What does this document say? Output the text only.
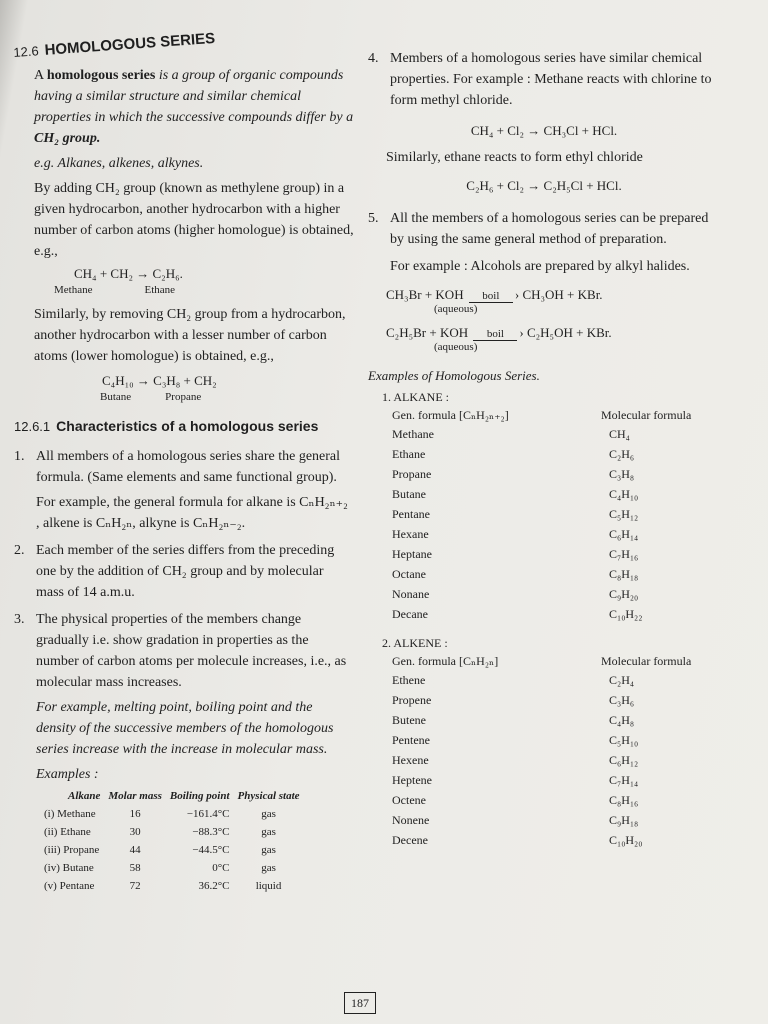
12.6 HOMOLOGOUS SERIES

A homologous series is a group of organic compounds having a similar structure and similar chemical properties in which the successive compounds differ by a CH₂ group.

e.g. Alkanes, alkenes, alkynes.

By adding CH₂ group (known as methylene group) in a given hydrocarbon, another hydrocarbon with a higher number of carbon atoms (higher homologue) is obtained, e.g.,

CH₄ + CH₂ → C₂H₆.
Methane	Ethane

Similarly, by removing CH₂ group from a hydrocarbon, another hydrocarbon with a lesser number of carbon atoms (lower homologue) is obtained, e.g.,

C₄H₁₀ → C₃H₈ + CH₂
Butane	Propane
12.6.1 Characteristics of a homologous series
1. All members of a homologous series share the general formula. (Same elements and same functional group).
For example, the general formula for alkane is CₙH₂ₙ₊₂ , alkene is CₙH₂ₙ, alkyne is CₙH₂ₙ₋₂.
2. Each member of the series differs from the preceding one by the addition of CH₂ group and by molecular mass of 14 a.m.u.
3. The physical properties of the members change gradually i.e. show gradation in properties as the number of carbon atoms per molecule increases, i.e., as molecular mass increases.
For example, melting point, boiling point and the density of the successive members of the homologous series increase with the increase in molecular mass.
Examples :
Alkane	Molar mass	Boiling point	Physical state
(i) Methane	16	−161.4°C	gas
(ii) Ethane	30	−88.3°C	gas
(iii) Propane	44	−44.5°C	gas
(iv) Butane	58	0°C	gas
(v) Pentane	72	36.2°C	liquid
4. Members of a homologous series have similar chemical properties. For example : Methane reacts with chlorine to form methyl chloride.
CH₄ + Cl₂ → CH₃Cl + HCl.

Similarly, ethane reacts to form ethyl chloride

C₂H₆ + Cl₂ → C₂H₅Cl + HCl.
5. All the members of a homologous series can be prepared by using the same general method of preparation.
For example : Alcohols are prepared by alkyl halides.
CH₃Br + KOH boil › CH₃OH + KBr.
(aqueous)
C₂H₅Br + KOH boil › C₂H₅OH + KBr.
(aqueous)

Examples of Homologous Series.

1. ALKANE :	
Gen. formula [CₙH₂ₙ₊₂]	Molecular formula
Methane	CH₄
Ethane	C₂H₆
Propane	C₃H₈
Butane	C₄H₁₀
Pentane	C₅H₁₂
Hexane	C₆H₁₄
Heptane	C₇H₁₆
Octane	C₈H₁₈
Nonane	C₉H₂₀
Decane	C₁₀H₂₂
2. ALKENE :	
Gen. formula [CₙH₂ₙ]	Molecular formula
Ethene	C₂H₄
Propene	C₃H₆
Butene	C₄H₈
Pentene	C₅H₁₀
Hexene	C₆H₁₂
Heptene	C₇H₁₄
Octene	C₈H₁₆
Nonene	C₉H₁₈
Decene	C₁₀H₂₀
187
